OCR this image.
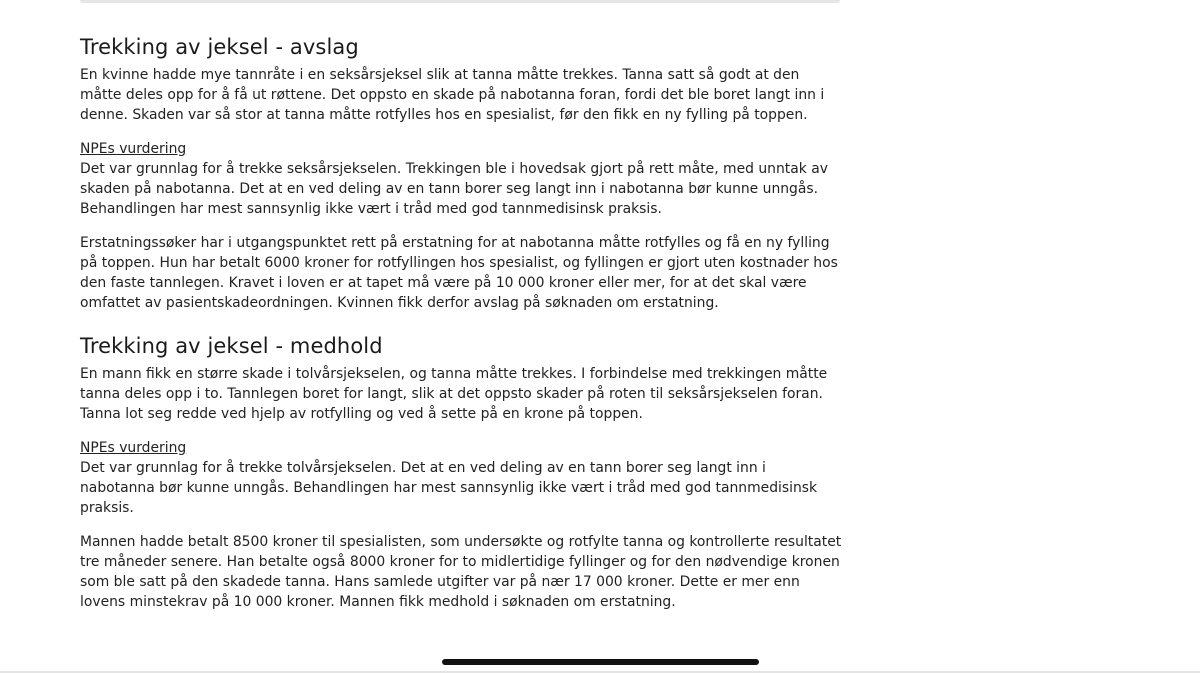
Trekking av jeksel - avslag

En kvinne hadde mye tannråte i en seksårsjeksel slik at tanna måtte trekkes. Tanna satt så godt at den måtte deles opp for å få ut røttene. Det oppsto en skade på nabotanna foran, fordi det ble boret langt inn i denne. Skaden var så stor at tanna måtte rotfylles hos en spesialist, før den fikk en ny fylling på toppen.

NPEs vurdering

Det var grunnlag for å trekke seksårsjekselen. Trekkingen ble i hovedsak gjort på rett måte, med unntak av skaden på nabotanna. Det at en ved deling av en tann borer seg langt inn i nabotanna bør kunne unngås. Behandlingen har mest sannsynlig ikke vært i tråd med god tannmedisinsk praksis.

Erstatningssøker har i utgangspunktet rett på erstatning for at nabotanna måtte rotfylles og få en ny fylling på toppen. Hun har betalt 6000 kroner for rotfyllingen hos spesialist, og fyllingen er gjort uten kostnader hos den faste tannlegen. Kravet i loven er at tapet må være på 10 000 kroner eller mer, for at det skal være omfattet av pasientskadeordningen. Kvinnen fikk derfor avslag på søknaden om erstatning.

Trekking av jeksel - medhold

En mann fikk en større skade i tolvårsjekselen, og tanna måtte trekkes. I forbindelse med trekkingen måtte tanna deles opp i to. Tannlegen boret for langt, slik at det oppsto skader på roten til seksårsjekselen foran. Tanna lot seg redde ved hjelp av rotfylling og ved å sette på en krone på toppen.

NPEs vurdering

Det var grunnlag for å trekke tolvårsjekselen. Det at en ved deling av en tann borer seg langt inn i nabotanna bør kunne unngås. Behandlingen har mest sannsynlig ikke vært i tråd med god tannmedisinsk praksis.

Mannen hadde betalt 8500 kroner til spesialisten, som undersøkte og rotfylte tanna og kontrollerte resultatet tre måneder senere. Han betalte også 8000 kroner for to midlertidige fyllinger og for den nødvendige kronen som ble satt på den skadede tanna. Hans samlede utgifter var på nær 17 000 kroner. Dette er mer enn lovens minstekrav på 10 000 kroner. Mannen fikk medhold i søknaden om erstatning.
